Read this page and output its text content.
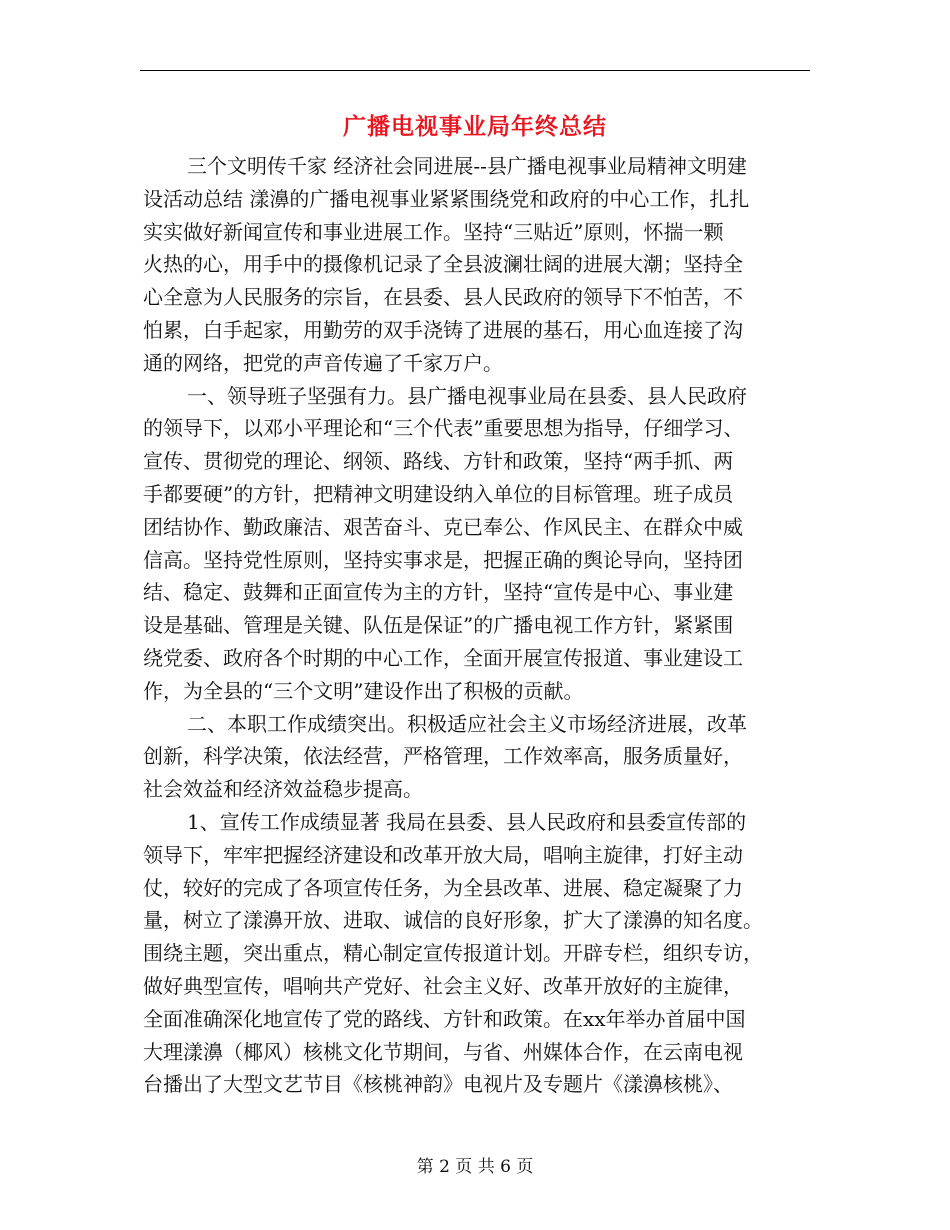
广播电视事业局年终总结
三个文明传千家 经济社会同进展--县广播电视事业局精神文明建
设活动总结 漾濞的广播电视事业紧紧围绕党和政府的中心工作，扎扎
实实做好新闻宣传和事业进展工作。坚持“三贴近”原则，怀揣一颗
火热的心，用手中的摄像机记录了全县波澜壮阔的进展大潮；坚持全
心全意为人民服务的宗旨，在县委、县人民政府的领导下不怕苦，不
怕累，白手起家，用勤劳的双手浇铸了进展的基石，用心血连接了沟
通的网络，把党的声音传遍了千家万户。
一、领导班子坚强有力。县广播电视事业局在县委、县人民政府
的领导下，以邓小平理论和“三个代表”重要思想为指导，仔细学习、
宣传、贯彻党的理论、纲领、路线、方针和政策，坚持“两手抓、两
手都要硬”的方针，把精神文明建设纳入单位的目标管理。班子成员
团结协作、勤政廉洁、艰苦奋斗、克已奉公、作风民主、在群众中威
信高。坚持党性原则，坚持实事求是，把握正确的舆论导向，坚持团
结、稳定、鼓舞和正面宣传为主的方针，坚持“宣传是中心、事业建
设是基础、管理是关键、队伍是保证”的广播电视工作方针，紧紧围
绕党委、政府各个时期的中心工作，全面开展宣传报道、事业建设工
作，为全县的“三个文明”建设作出了积极的贡献。
二、本职工作成绩突出。积极适应社会主义市场经济进展，改革
创新，科学决策，依法经营，严格管理，工作效率高，服务质量好，
社会效益和经济效益稳步提高。
1、宣传工作成绩显著 我局在县委、县人民政府和县委宣传部的
领导下，牢牢把握经济建设和改革开放大局，唱响主旋律，打好主动
仗，较好的完成了各项宣传任务，为全县改革、进展、稳定凝聚了力
量，树立了漾濞开放、进取、诚信的良好形象，扩大了漾濞的知名度。
围绕主题，突出重点，精心制定宣传报道计划。开辟专栏，组织专访，
做好典型宣传，唱响共产党好、社会主义好、改革开放好的主旋律，
全面准确深化地宣传了党的路线、方针和政策。在xx年举办首届中国
大理漾濞（椰风）核桃文化节期间，与省、州媒体合作，在云南电视
台播出了大型文艺节目《核桃神韵》电视片及专题片《漾濞核桃》、
第 2 页 共 6 页
